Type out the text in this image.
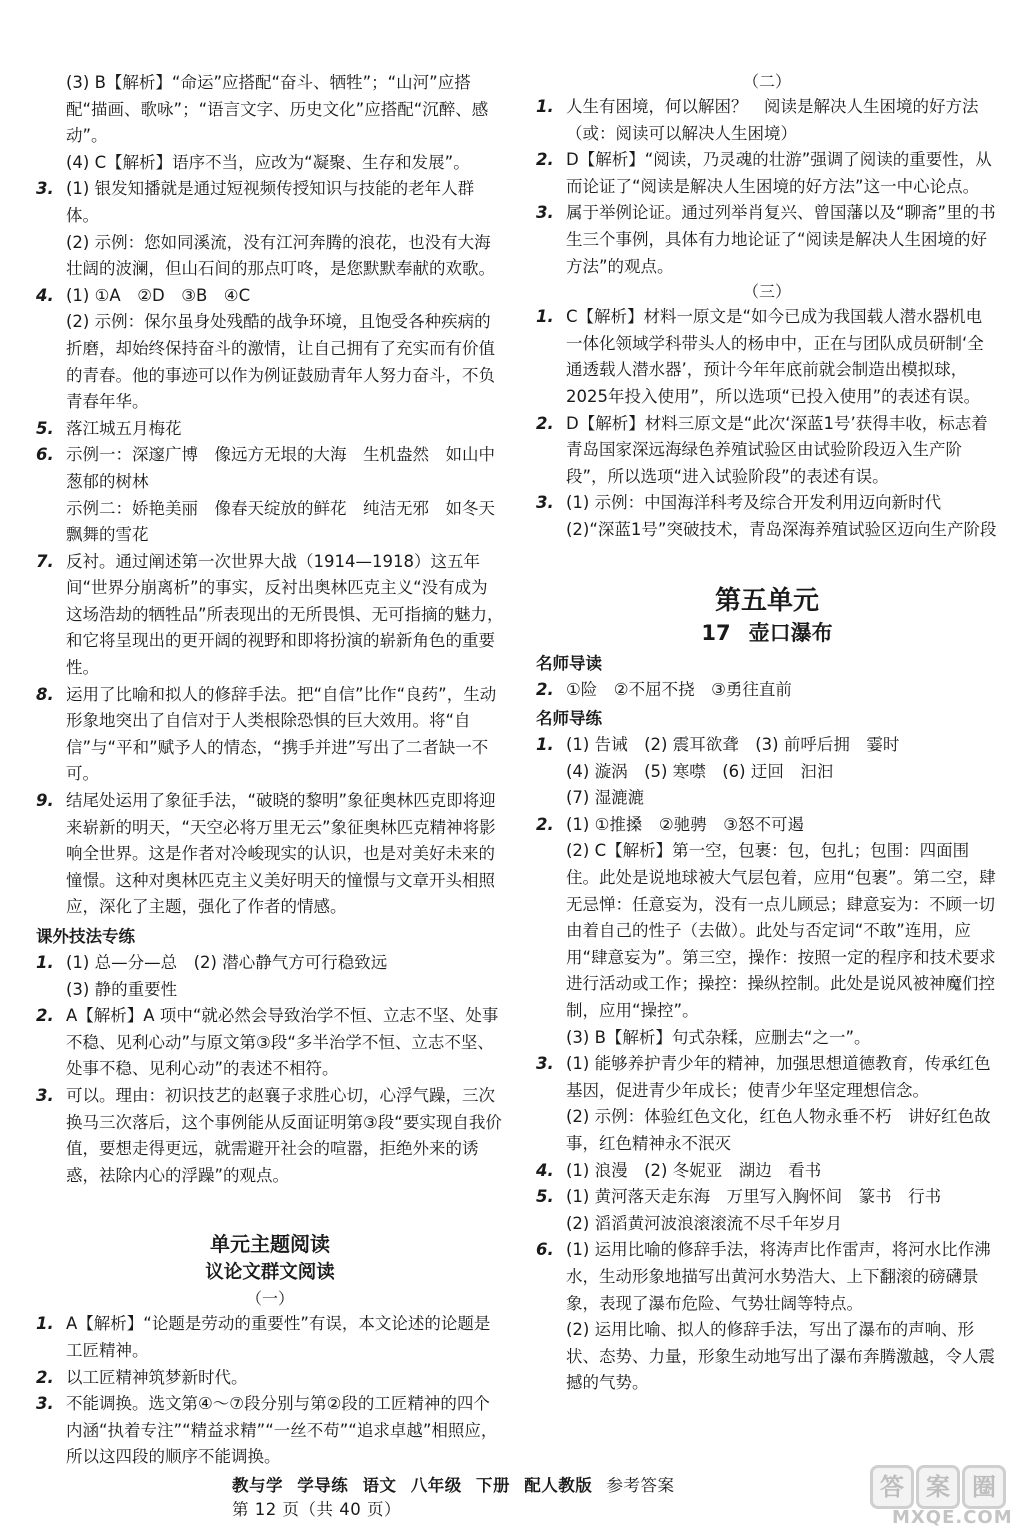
(3) B【解析】“命运”应搭配“奋斗、牺牲”；“山河”应搭配“描画、歌咏”；“语言文字、历史文化”应搭配“沉醉、感动”。

(4) C【解析】语序不当，应改为“凝聚、生存和发展”。

3. (1) 银发知播就是通过短视频传授知识与技能的老年人群体。
(2) 示例：您如同溪流，没有江河奔腾的浪花，也没有大海壮阔的波澜，但山石间的那点叮咚，是您默默奉献的欢歌。
4. (1) ①A　②D　③B　④C
(2) 示例：保尔虽身处残酷的战争环境，且饱受各种疾病的折磨，却始终保持奋斗的激情，让自己拥有了充实而有价值的青春。他的事迹可以作为例证鼓励青年人努力奋斗，不负青春年华。
5. 落江城五月梅花
6. 示例一：深邃广博　像远方无垠的大海　生机盎然　如山中葱郁的树林
示例二：娇艳美丽　像春天绽放的鲜花　纯洁无邪　如冬天飘舞的雪花
7. 反衬。通过阐述第一次世界大战（1914—1918）这五年间“世界分崩离析”的事实，反衬出奥林匹克主义“没有成为这场浩劫的牺牲品”所表现出的无所畏惧、无可指摘的魅力，和它将呈现出的更开阔的视野和即将扮演的崭新角色的重要性。
8. 运用了比喻和拟人的修辞手法。把“自信”比作“良药”，生动形象地突出了自信对于人类根除恐惧的巨大效用。将“自信”与“平和”赋予人的情态，“携手并进”写出了二者缺一不可。
9. 结尾处运用了象征手法，“破晓的黎明”象征奥林匹克即将迎来崭新的明天，“天空必将万里无云”象征奥林匹克精神将影响全世界。这是作者对冷峻现实的认识，也是对美好未来的憧憬。这种对奥林匹克主义美好明天的憧憬与文章开头相照应，深化了主题，强化了作者的情感。
课外技法专练
1. (1) 总—分—总　(2) 潜心静气方可行稳致远
(3) 静的重要性
2. A【解析】A 项中“就必然会导致治学不恒、立志不坚、处事不稳、见利心动”与原文第③段“多半治学不恒、立志不坚、处事不稳、见利心动”的表述不相符。
3. 可以。理由：初识技艺的赵襄子求胜心切，心浮气躁，三次换马三次落后，这个事例能从反面证明第③段“要实现自我价值，要想走得更远，就需避开社会的喧嚣，拒绝外来的诱惑，祛除内心的浮躁”的观点。
单元主题阅读
议论文群文阅读
（一）
1. A【解析】“论题是劳动的重要性”有误，本文论述的论题是工匠精神。
2. 以工匠精神筑梦新时代。
3. 不能调换。选文第④～⑦段分别与第②段的工匠精神的四个内涵“执着专注”“精益求精”“一丝不苟”“追求卓越”相照应，所以这四段的顺序不能调换。
（二）
1. 人生有困境，何以解困？　阅读是解决人生困境的好方法（或：阅读可以解决人生困境）
2. D【解析】“阅读，乃灵魂的壮游”强调了阅读的重要性，从而论证了“阅读是解决人生困境的好方法”这一中心论点。
3. 属于举例论证。通过列举肖复兴、曾国藩以及“聊斋”里的书生三个事例，具体有力地论证了“阅读是解决人生困境的好方法”的观点。
（三）
1. C【解析】材料一原文是“如今已成为我国载人潜水器机电一体化领域学科带头人的杨申中，正在与团队成员研制‘全通透载人潜水器’，预计今年年底前就会制造出模拟球，2025年投入使用”，所以选项“已投入使用”的表述有误。
2. D【解析】材料三原文是“此次‘深蓝1号’获得丰收，标志着青岛国家深远海绿色养殖试验区由试验阶段迈入生产阶段”，所以选项“进入试验阶段”的表述有误。
3. (1) 示例：中国海洋科考及综合开发利用迈向新时代
(2)“深蓝1号”突破技术，青岛深海养殖试验区迈向生产阶段
第五单元
17 壶口瀑布
名师导读
2. ①险　②不屈不挠　③勇往直前
名师导练
1. (1) 告诫　(2) 震耳欲聋　(3) 前呼后拥　霎时
(4) 漩涡　(5) 寒噤　(6) 迂回　汩汩
(7) 湿漉漉
2. (1) ①推搡　②驰骋　③怒不可遏
(2) C【解析】第一空，包裹：包，包扎；包围：四面围住。此处是说地球被大气层包着，应用“包裹”。第二空，肆无忌惮：任意妄为，没有一点儿顾忌；肆意妄为：不顾一切由着自己的性子（去做）。此处与否定词“不敢”连用，应用“肆意妄为”。第三空，操作：按照一定的程序和技术要求进行活动或工作；操控：操纵控制。此处是说风被神魔们控制，应用“操控”。
(3) B【解析】句式杂糅，应删去“之一”。
3. (1) 能够养护青少年的精神，加强思想道德教育，传承红色基因，促进青少年成长；使青少年坚定理想信念。
(2) 示例：体验红色文化，红色人物永垂不朽　讲好红色故事，红色精神永不泯灭
4. (1) 浪漫　(2) 冬妮亚　湖边　看书
5. (1) 黄河落天走东海　万里写入胸怀间　篆书　行书
(2) 滔滔黄河波浪滚滚流不尽千年岁月
6. (1) 运用比喻的修辞手法，将涛声比作雷声，将河水比作沸水，生动形象地描写出黄河水势浩大、上下翻滚的磅礴景象，表现了瀑布危险、气势壮阔等特点。
(2) 运用比喻、拟人的修辞手法，写出了瀑布的声响、形状、态势、力量，形象生动地写出了瀑布奔腾激越，令人震撼的气势。
教与学 学导练 语文 八年级 下册 配人教版 参考答案 第 12 页（共 40 页）
答 案 圈
MXQE.COM
